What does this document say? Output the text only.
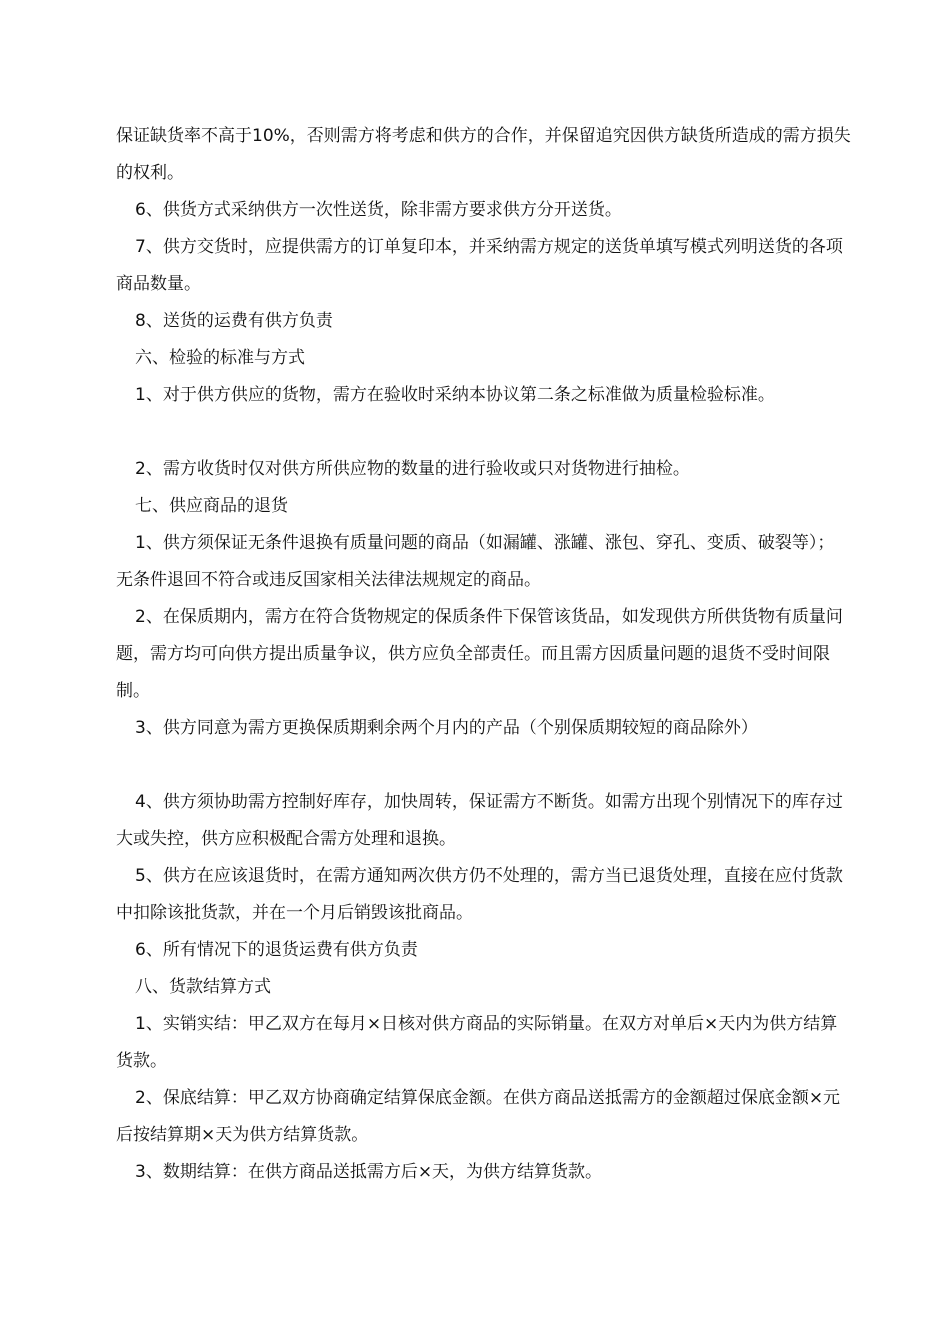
保证缺货率不高于10%，否则需方将考虑和供方的合作，并保留追究因供方缺货所造成的需方损失的权利。

6、供货方式采纳供方一次性送货，除非需方要求供方分开送货。

7、供方交货时，应提供需方的订单复印本，并采纳需方规定的送货单填写模式列明送货的各项商品数量。

8、送货的运费有供方负责

六、检验的标准与方式

1、对于供方供应的货物，需方在验收时采纳本协议第二条之标准做为质量检验标准。

2、需方收货时仅对供方所供应物的数量的进行验收或只对货物进行抽检。

七、供应商品的退货

1、供方须保证无条件退换有质量问题的商品（如漏罐、涨罐、涨包、穿孔、变质、破裂等）；无条件退回不符合或违反国家相关法律法规规定的商品。

2、在保质期内，需方在符合货物规定的保质条件下保管该货品，如发现供方所供货物有质量问题，需方均可向供方提出质量争议，供方应负全部责任。而且需方因质量问题的退货不受时间限制。

3、供方同意为需方更换保质期剩余两个月内的产品（个别保质期较短的商品除外）

4、供方须协助需方控制好库存，加快周转，保证需方不断货。如需方出现个别情况下的库存过大或失控，供方应积极配合需方处理和退换。

5、供方在应该退货时，在需方通知两次供方仍不处理的，需方当已退货处理，直接在应付货款中扣除该批货款，并在一个月后销毁该批商品。

6、所有情况下的退货运费有供方负责

八、货款结算方式

1、实销实结：甲乙双方在每月×日核对供方商品的实际销量。在双方对单后×天内为供方结算货款。

2、保底结算：甲乙双方协商确定结算保底金额。在供方商品送抵需方的金额超过保底金额×元后按结算期×天为供方结算货款。

3、数期结算：在供方商品送抵需方后×天，为供方结算货款。
